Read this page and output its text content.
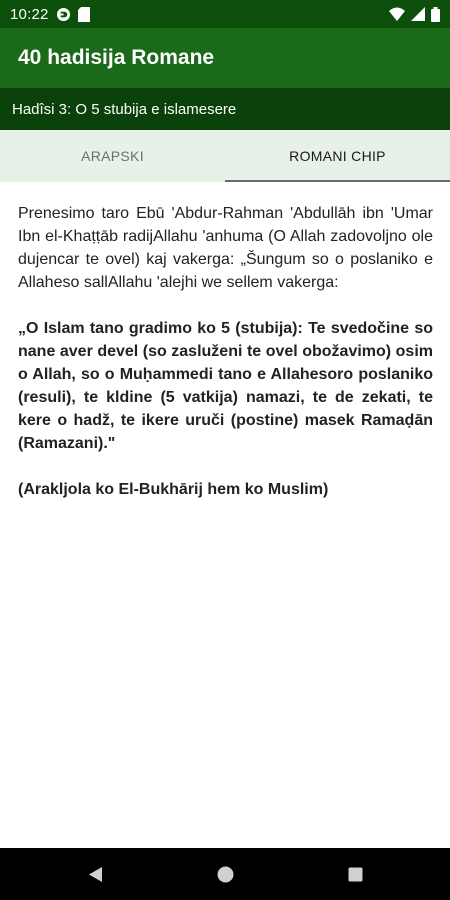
10:22
40 hadisija Romane
Hadîsi 3: O 5 stubija e islamesere
ARAPSKI	ROMANI CHIP

Prenesimo taro Ebū 'Abdur-Rahman 'Abdullāh ibn 'Umar Ibn el-Khaṭṭāb radijAllahu 'anhuma (O Allah zadovoljno ole dujencar te ovel) kaj vakerga: „Šungum so o poslaniko e Allaheso sallAllahu 'alejhi we sellem vakerga:

„O Islam tano gradimo ko 5 (stubija): Te svedočine so nane aver devel (so zasluženi te ovel obožavimo) osim o Allah, so o Muḥammedi tano e Allahesoro poslaniko (resuli), te kldine (5 vatkija) namazi, te de zekati, te kere o hadž, te ikere uruči (postine) masek Ramaḍān (Ramazani)."

(Arakljola ko El-Bukhārij hem ko Muslim)
